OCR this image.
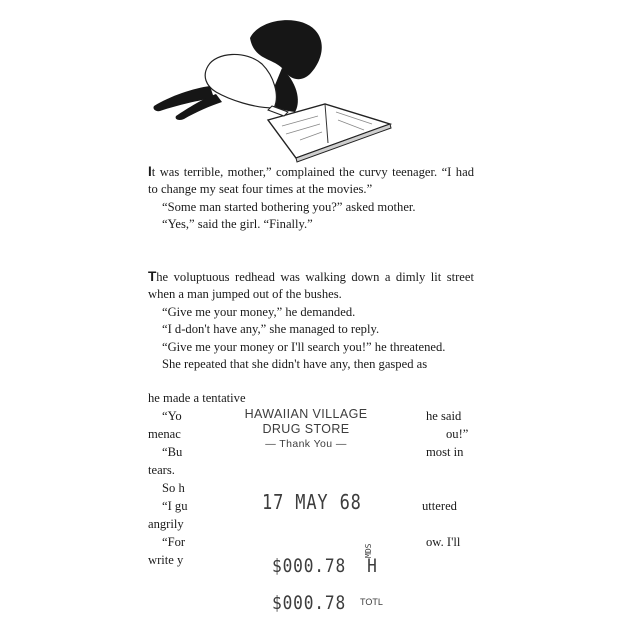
It was terrible, mother,” complained the curvy teenager. “I had to change my seat four times at the movies.”

“Some man started bothering you?” asked mother.

“Yes,” said the girl. “Finally.”

The voluptuous redhead was walking down a dimly lit street when a man jumped out of the bushes.

“Give me your money,” he demanded.

“I d-don't have any,” she managed to reply.

“Give me your money or I'll search you!” he threatened.

She repeated that she didn't have any, then gasped as

he made a tentative
“Yo	he said
menac	ou!”
“Bu	most in
tears.
So h
“I gu	uttered
angrily
“For	ow. I'll
write y
HAWAIIAN VILLAGE
DRUG STORE
— Thank You —
17 MAY 68
$000.78 H
MDS
$000.78 TOTL
